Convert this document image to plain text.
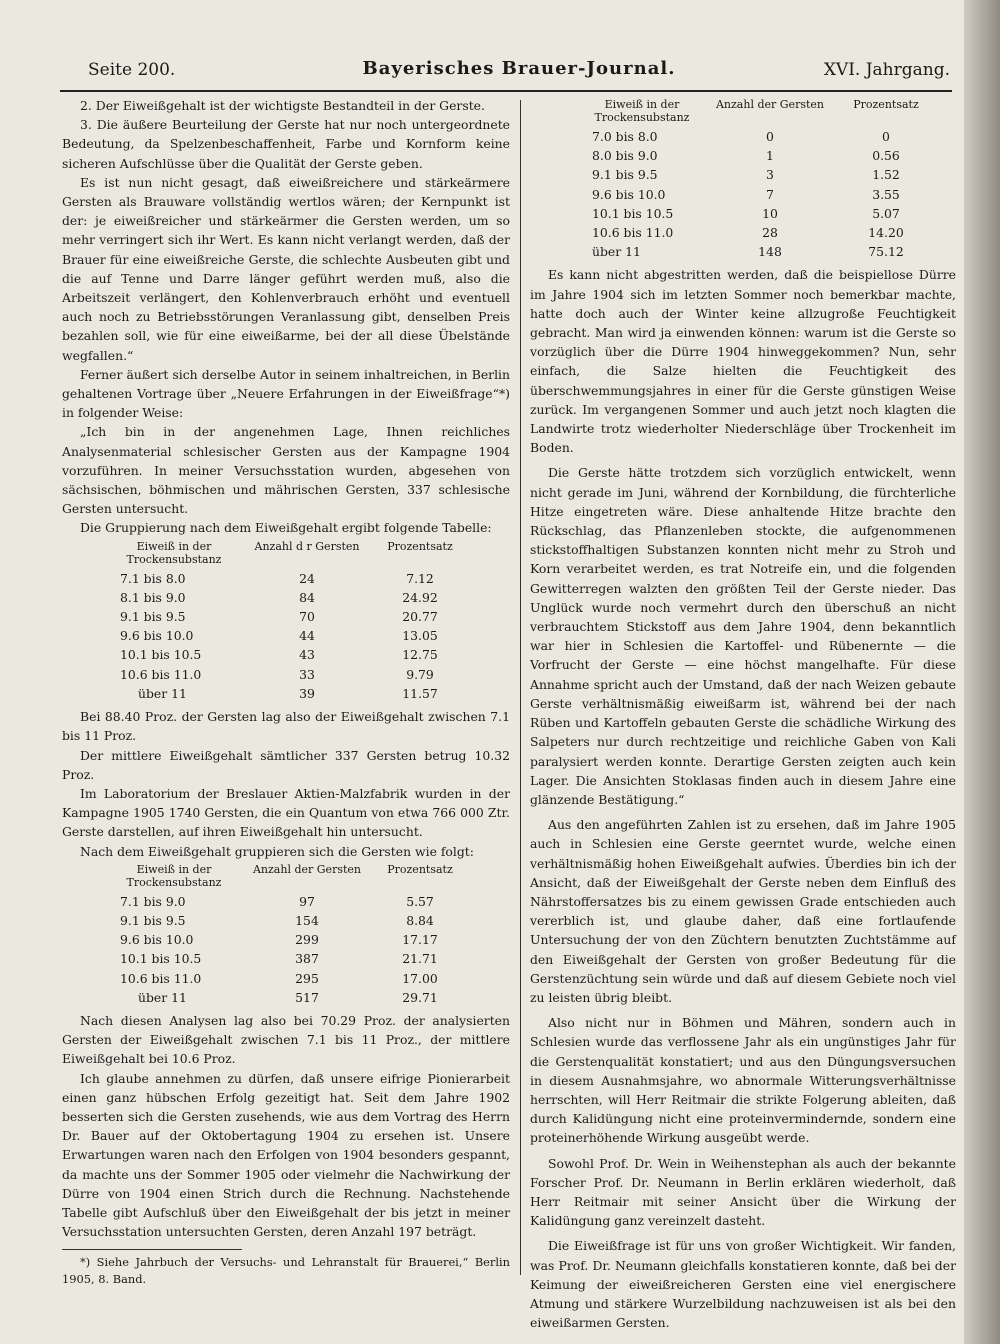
Seite 200.	Bayerisches Brauer-Journal.	XVI. Jahrgang.

2. Der Eiweißgehalt ist der wichtigste Bestandteil in der Gerste.

3. Die äußere Beurteilung der Gerste hat nur noch untergeordnete Bedeutung, da Spelzenbeschaffenheit, Farbe und Kornform keine sicheren Aufschlüsse über die Qualität der Gerste geben.

Es ist nun nicht gesagt, daß eiweißreichere und stärkeärmere Gersten als Brauware vollständig wertlos wären; der Kernpunkt ist der: je eiweißreicher und stärkeärmer die Gersten werden, um so mehr verringert sich ihr Wert. Es kann nicht verlangt werden, daß der Brauer für eine eiweißreiche Gerste, die schlechte Ausbeuten gibt und die auf Tenne und Darre länger geführt werden muß, also die Arbeitszeit verlängert, den Kohlenverbrauch erhöht und eventuell auch noch zu Betriebsstörungen Veranlassung gibt, denselben Preis bezahlen soll, wie für eine eiweißarme, bei der all diese Übelstände wegfallen.“

Ferner äußert sich derselbe Autor in seinem inhaltreichen, in Berlin gehaltenen Vortrage über „Neuere Erfahrungen in der Eiweißfrage“*) in folgender Weise:

„Ich bin in der angenehmen Lage, Ihnen reichliches Analysenmaterial schlesischer Gersten aus der Kampagne 1904 vorzuführen. In meiner Versuchsstation wurden, abgesehen von sächsischen, böhmischen und mährischen Gersten, 337 schlesische Gersten untersucht.

Die Gruppierung nach dem Eiweißgehalt ergibt folgende Tabelle:

Eiweiß in der Trockensubstanz	Anzahl d r Gersten	Prozentsatz
7.1 bis 8.0	24	7.12
8.1 bis 9.0	84	24.92
9.1 bis 9.5	70	20.77
9.6 bis 10.0	44	13.05
10.1 bis 10.5	43	12.75
10.6 bis 11.0	33	9.79
über 11	39	11.57

Bei 88.40 Proz. der Gersten lag also der Eiweißgehalt zwischen 7.1 bis 11 Proz.

Der mittlere Eiweißgehalt sämtlicher 337 Gersten betrug 10.32 Proz.

Im Laboratorium der Breslauer Aktien-Malzfabrik wurden in der Kampagne 1905 1740 Gersten, die ein Quantum von etwa 766 000 Ztr. Gerste darstellen, auf ihren Eiweißgehalt hin untersucht.

Nach dem Eiweißgehalt gruppieren sich die Gersten wie folgt:

Eiweiß in der Trockensubstanz	Anzahl der Gersten	Prozentsatz
7.1 bis 9.0	97	5.57
9.1 bis 9.5	154	8.84
9.6 bis 10.0	299	17.17
10.1 bis 10.5	387	21.71
10.6 bis 11.0	295	17.00
über 11	517	29.71

Nach diesen Analysen lag also bei 70.29 Proz. der analysierten Gersten der Eiweißgehalt zwischen 7.1 bis 11 Proz., der mittlere Eiweißgehalt bei 10.6 Proz.

Ich glaube annehmen zu dürfen, daß unsere eifrige Pionierarbeit einen ganz hübschen Erfolg gezeitigt hat. Seit dem Jahre 1902 besserten sich die Gersten zusehends, wie aus dem Vortrag des Herrn Dr. Bauer auf der Oktobertagung 1904 zu ersehen ist. Unsere Erwartungen waren nach den Erfolgen von 1904 besonders gespannt, da machte uns der Sommer 1905 oder vielmehr die Nachwirkung der Dürre von 1904 einen Strich durch die Rechnung. Nachstehende Tabelle gibt Aufschluß über den Eiweißgehalt der bis jetzt in meiner Versuchsstation untersuchten Gersten, deren Anzahl 197 beträgt.

*) Siehe Jahrbuch der Versuchs- und Lehranstalt für Brauerei,“ Berlin 1905, 8. Band.

Eiweiß in der Trockensubstanz	Anzahl der Gersten	Prozentsatz
7.0 bis 8.0	0	0
8.0 bis 9.0	1	0.56
9.1 bis 9.5	3	1.52
9.6 bis 10.0	7	3.55
10.1 bis 10.5	10	5.07
10.6 bis 11.0	28	14.20
über 11	148	75.12

Es kann nicht abgestritten werden, daß die beispiellose Dürre im Jahre 1904 sich im letzten Sommer noch bemerkbar machte, hatte doch auch der Winter keine allzugroße Feuchtigkeit gebracht. Man wird ja einwenden können: warum ist die Gerste so vorzüglich über die Dürre 1904 hinweggekommen? Nun, sehr einfach, die Salze hielten die Feuchtigkeit des überschwemmungsjahres in einer für die Gerste günstigen Weise zurück. Im vergangenen Sommer und auch jetzt noch klagten die Landwirte trotz wiederholter Niederschläge über Trockenheit im Boden.

Die Gerste hätte trotzdem sich vorzüglich entwickelt, wenn nicht gerade im Juni, während der Kornbildung, die fürchterliche Hitze eingetreten wäre. Diese anhaltende Hitze brachte den Rückschlag, das Pflanzenleben stockte, die aufgenommenen stickstoffhaltigen Substanzen konnten nicht mehr zu Stroh und Korn verarbeitet werden, es trat Notreife ein, und die folgenden Gewitterregen walzten den größten Teil der Gerste nieder. Das Unglück wurde noch vermehrt durch den überschuß an nicht verbrauchtem Stickstoff aus dem Jahre 1904, denn bekanntlich war hier in Schlesien die Kartoffel- und Rübenernte — die Vorfrucht der Gerste — eine höchst mangelhafte. Für diese Annahme spricht auch der Umstand, daß der nach Weizen gebaute Gerste verhältnismäßig eiweißarm ist, während bei der nach Rüben und Kartoffeln gebauten Gerste die schädliche Wirkung des Salpeters nur durch rechtzeitige und reichliche Gaben von Kali paralysiert werden konnte. Derartige Gersten zeigten auch kein Lager. Die Ansichten Stoklasas finden auch in diesem Jahre eine glänzende Bestätigung.“

Aus den angeführten Zahlen ist zu ersehen, daß im Jahre 1905 auch in Schlesien eine Gerste geerntet wurde, welche einen verhältnismäßig hohen Eiweißgehalt aufwies. Überdies bin ich der Ansicht, daß der Eiweißgehalt der Gerste neben dem Einfluß des Nährstoffersatzes bis zu einem gewissen Grade entschieden auch vererblich ist, und glaube daher, daß eine fortlaufende Untersuchung der von den Züchtern benutzten Zuchtstämme auf den Eiweißgehalt der Gersten von großer Bedeutung für die Gerstenzüchtung sein würde und daß auf diesem Gebiete noch viel zu leisten übrig bleibt.

Also nicht nur in Böhmen und Mähren, sondern auch in Schlesien wurde das verflossene Jahr als ein ungünstiges Jahr für die Gerstenqualität konstatiert; und aus den Düngungsversuchen in diesem Ausnahmsjahre, wo abnormale Witterungsverhältnisse herrschten, will Herr Reitmair die strikte Folgerung ableiten, daß durch Kalidüngung nicht eine proteinvermindernde, sondern eine proteinerhöhende Wirkung ausgeübt werde.

Sowohl Prof. Dr. Wein in Weihenstephan als auch der bekannte Forscher Prof. Dr. Neumann in Berlin erklären wiederholt, daß Herr Reitmair mit seiner Ansicht über die Wirkung der Kalidüngung ganz vereinzelt dasteht.

Die Eiweißfrage ist für uns von großer Wichtigkeit. Wir fanden, was Prof. Dr. Neumann gleichfalls konstatieren konnte, daß bei der Keimung der eiweißreicheren Gersten eine viel energischere Atmung und stärkere Wurzelbildung nachzuweisen ist als bei den eiweißarmen Gersten.
